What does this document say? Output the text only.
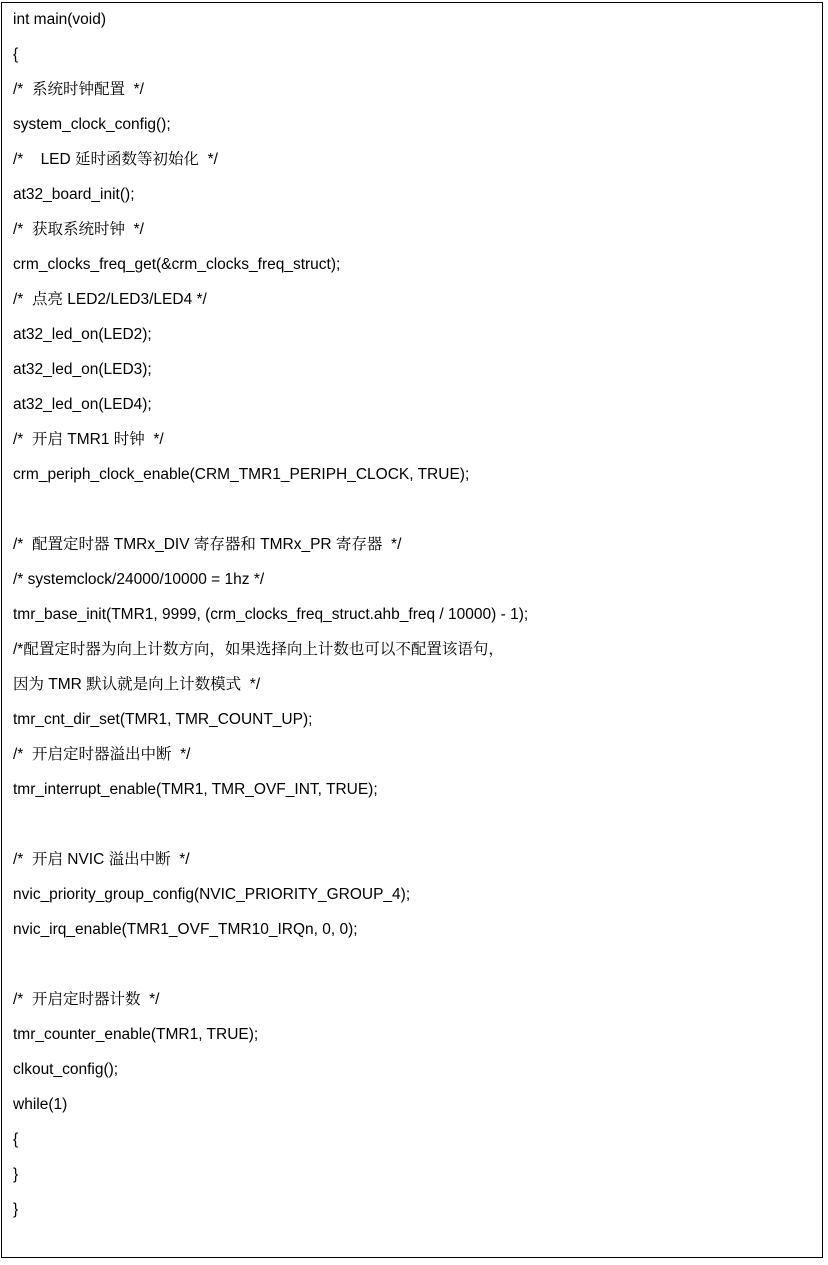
int main(void)
{
/*  系统时钟配置  */
system_clock_config();
/*    LED 延时函数等初始化  */
at32_board_init();
/*  获取系统时钟  */
crm_clocks_freq_get(&crm_clocks_freq_struct);
/*  点亮 LED2/LED3/LED4 */
at32_led_on(LED2);
at32_led_on(LED3);
at32_led_on(LED4);
/*  开启 TMR1 时钟  */
crm_periph_clock_enable(CRM_TMR1_PERIPH_CLOCK, TRUE);
/*  配置定时器 TMRx_DIV 寄存器和 TMRx_PR 寄存器  */
/* systemclock/24000/10000 = 1hz */
tmr_base_init(TMR1, 9999, (crm_clocks_freq_struct.ahb_freq / 10000) - 1);
/*配置定时器为向上计数方向，如果选择向上计数也可以不配置该语句，
因为 TMR 默认就是向上计数模式  */
tmr_cnt_dir_set(TMR1, TMR_COUNT_UP);
/*  开启定时器溢出中断  */
tmr_interrupt_enable(TMR1, TMR_OVF_INT, TRUE);
/*  开启 NVIC 溢出中断  */
nvic_priority_group_config(NVIC_PRIORITY_GROUP_4);
nvic_irq_enable(TMR1_OVF_TMR10_IRQn, 0, 0);
/*  开启定时器计数  */
tmr_counter_enable(TMR1, TRUE);
clkout_config();
while(1)
{
}
}
